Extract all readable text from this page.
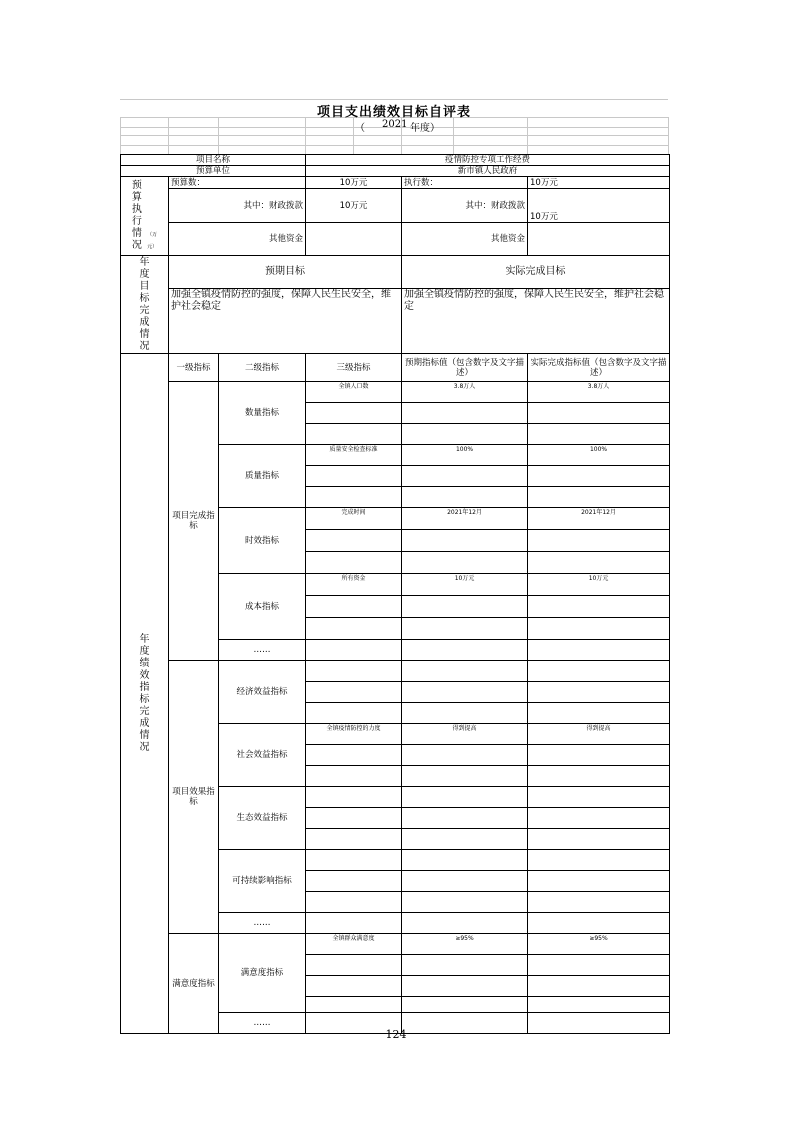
项目支出绩效目标自评表
（ 2021 年度）
项目名称			疫情防控专项工作经费		
预算单位			新市镇人民政府		
预算执行情况 （万元）	预算数：		10万元	执行数：	10万元
	其中：财政拨款		10万元	其中：财政拨款	10万元
	其他资金			其他资金	
年度目标完成情况	预期目标			实际完成目标	
	加强全镇疫情防控的强度，保障人民生民安全，维护社会稳定			加强全镇疫情防控的强度，保障人民生民安全，维护社会稳定	
年度绩效指标完成情况	一级指标	二级指标	三级指标	预期指标值（包含数字及文字描述）	实际完成指标值（包含数字及文字描述）
	项目完成指标	数量指标	全镇人口数	3.8万人	3.8万人

		质量指标	质量安全检查标准	100%	100%

		时效指标	完成时间	2021年12月	2021年12月

		成本指标	所有资金	10万元	10万元

		……			
	项目效果指标	经济效益指标			

		社会效益指标	全镇疫情防控的力度	得到提高	得到提高

		生态效益指标			

		可持续影响指标			

		……			
	满意度指标	满意度指标	全镇群众满意度	≥95%	≥95%

		……			
124
